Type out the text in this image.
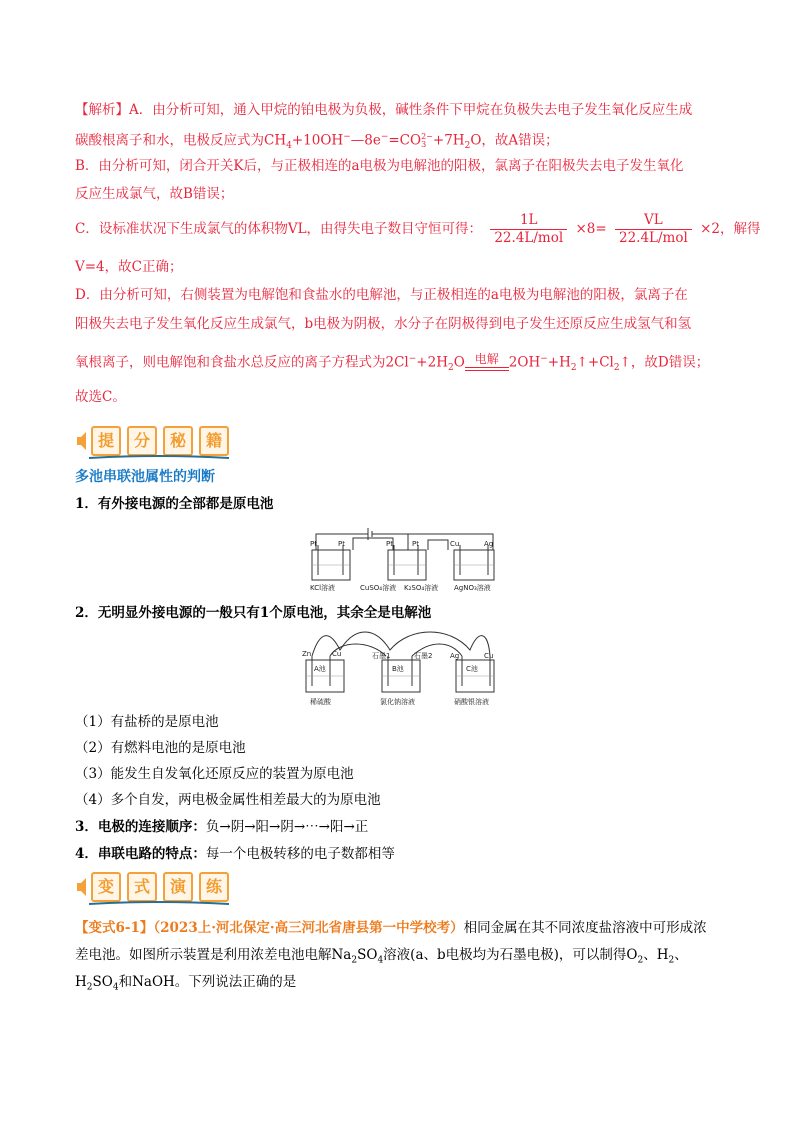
【解析】A．由分析可知，通入甲烷的铂电极为负极，碱性条件下甲烷在负极失去电子发生氧化反应生成
碳酸根离子和水，电极反应式为$CH_4+10OH^-—8e^-=CO$ 2−
$3 +7H_2O$，故A错误；
B．由分析可知，闭合开关K后，与正极相连的a电极为电解池的阳极，氯离子在阳极失去电子发生氧化
反应生成氯气，故B错误；
C．设标准状况下生成氯气的体积物VL，由得失电子数目守恒可得： $\frac{1L}{\text{22.4L/mol}} \times 8= \frac{VL}{\text{22.4L/mol}} \times 2$，解得
V=4，故C正确；
D．由分析可知，右侧装置为电解饱和食盐水的电解池，与正极相连的a电极为电解池的阳极，氯离子在
阳极失去电子发生氧化反应生成氯气，b电极为阴极，水分子在阴极得到电子发生还原反应生成氢气和氢
氧根离子，则电解饱和食盐水总反应的离子方程式为$2Cl^-+2H_2O$ 电解 $2OH^-+H_2↑+Cl_2↑$，故D错误；
故选C。
提	分	秘	籍
多池串联池属性的判断
1．有外接电源的全部都是原电池
Pt	Pt	Pt	Pt	Cu	Ag
KCl溶液	CuSO₄溶液 K₂SO₄溶液 AgNO₃溶液
2．无明显外接电源的一般只有1个原电池，其余全是电解池
Zn	Cu	石墨1	石墨2	Ag	Cu
A池	B池	C池
稀硫酸	氯化钠溶液	硝酸银溶液
（1）有盐桥的是原电池
（2）有燃料电池的是原电池
（3）能发生自发氧化还原反应的装置为原电池
（4）多个自发，两电极金属性相差最大的为原电池
3．电极的连接顺序：负→阴→阳→阴→⋯→阳→正
4．串联电路的特点：每一个电极转移的电子数都相等
变	式	演	练
【变式6-1】（2023上·河北保定·高三河北省唐县第一中学校考）相同金属在其不同浓度盐溶液中可形成浓
差电池。如图所示装置是利用浓差电池电解$Na_2SO_4$溶液(a、b电极均为石墨电极)，可以制得$O_2$、$H_2$、
$H_2SO_4$和NaOH。下列说法正确的是
